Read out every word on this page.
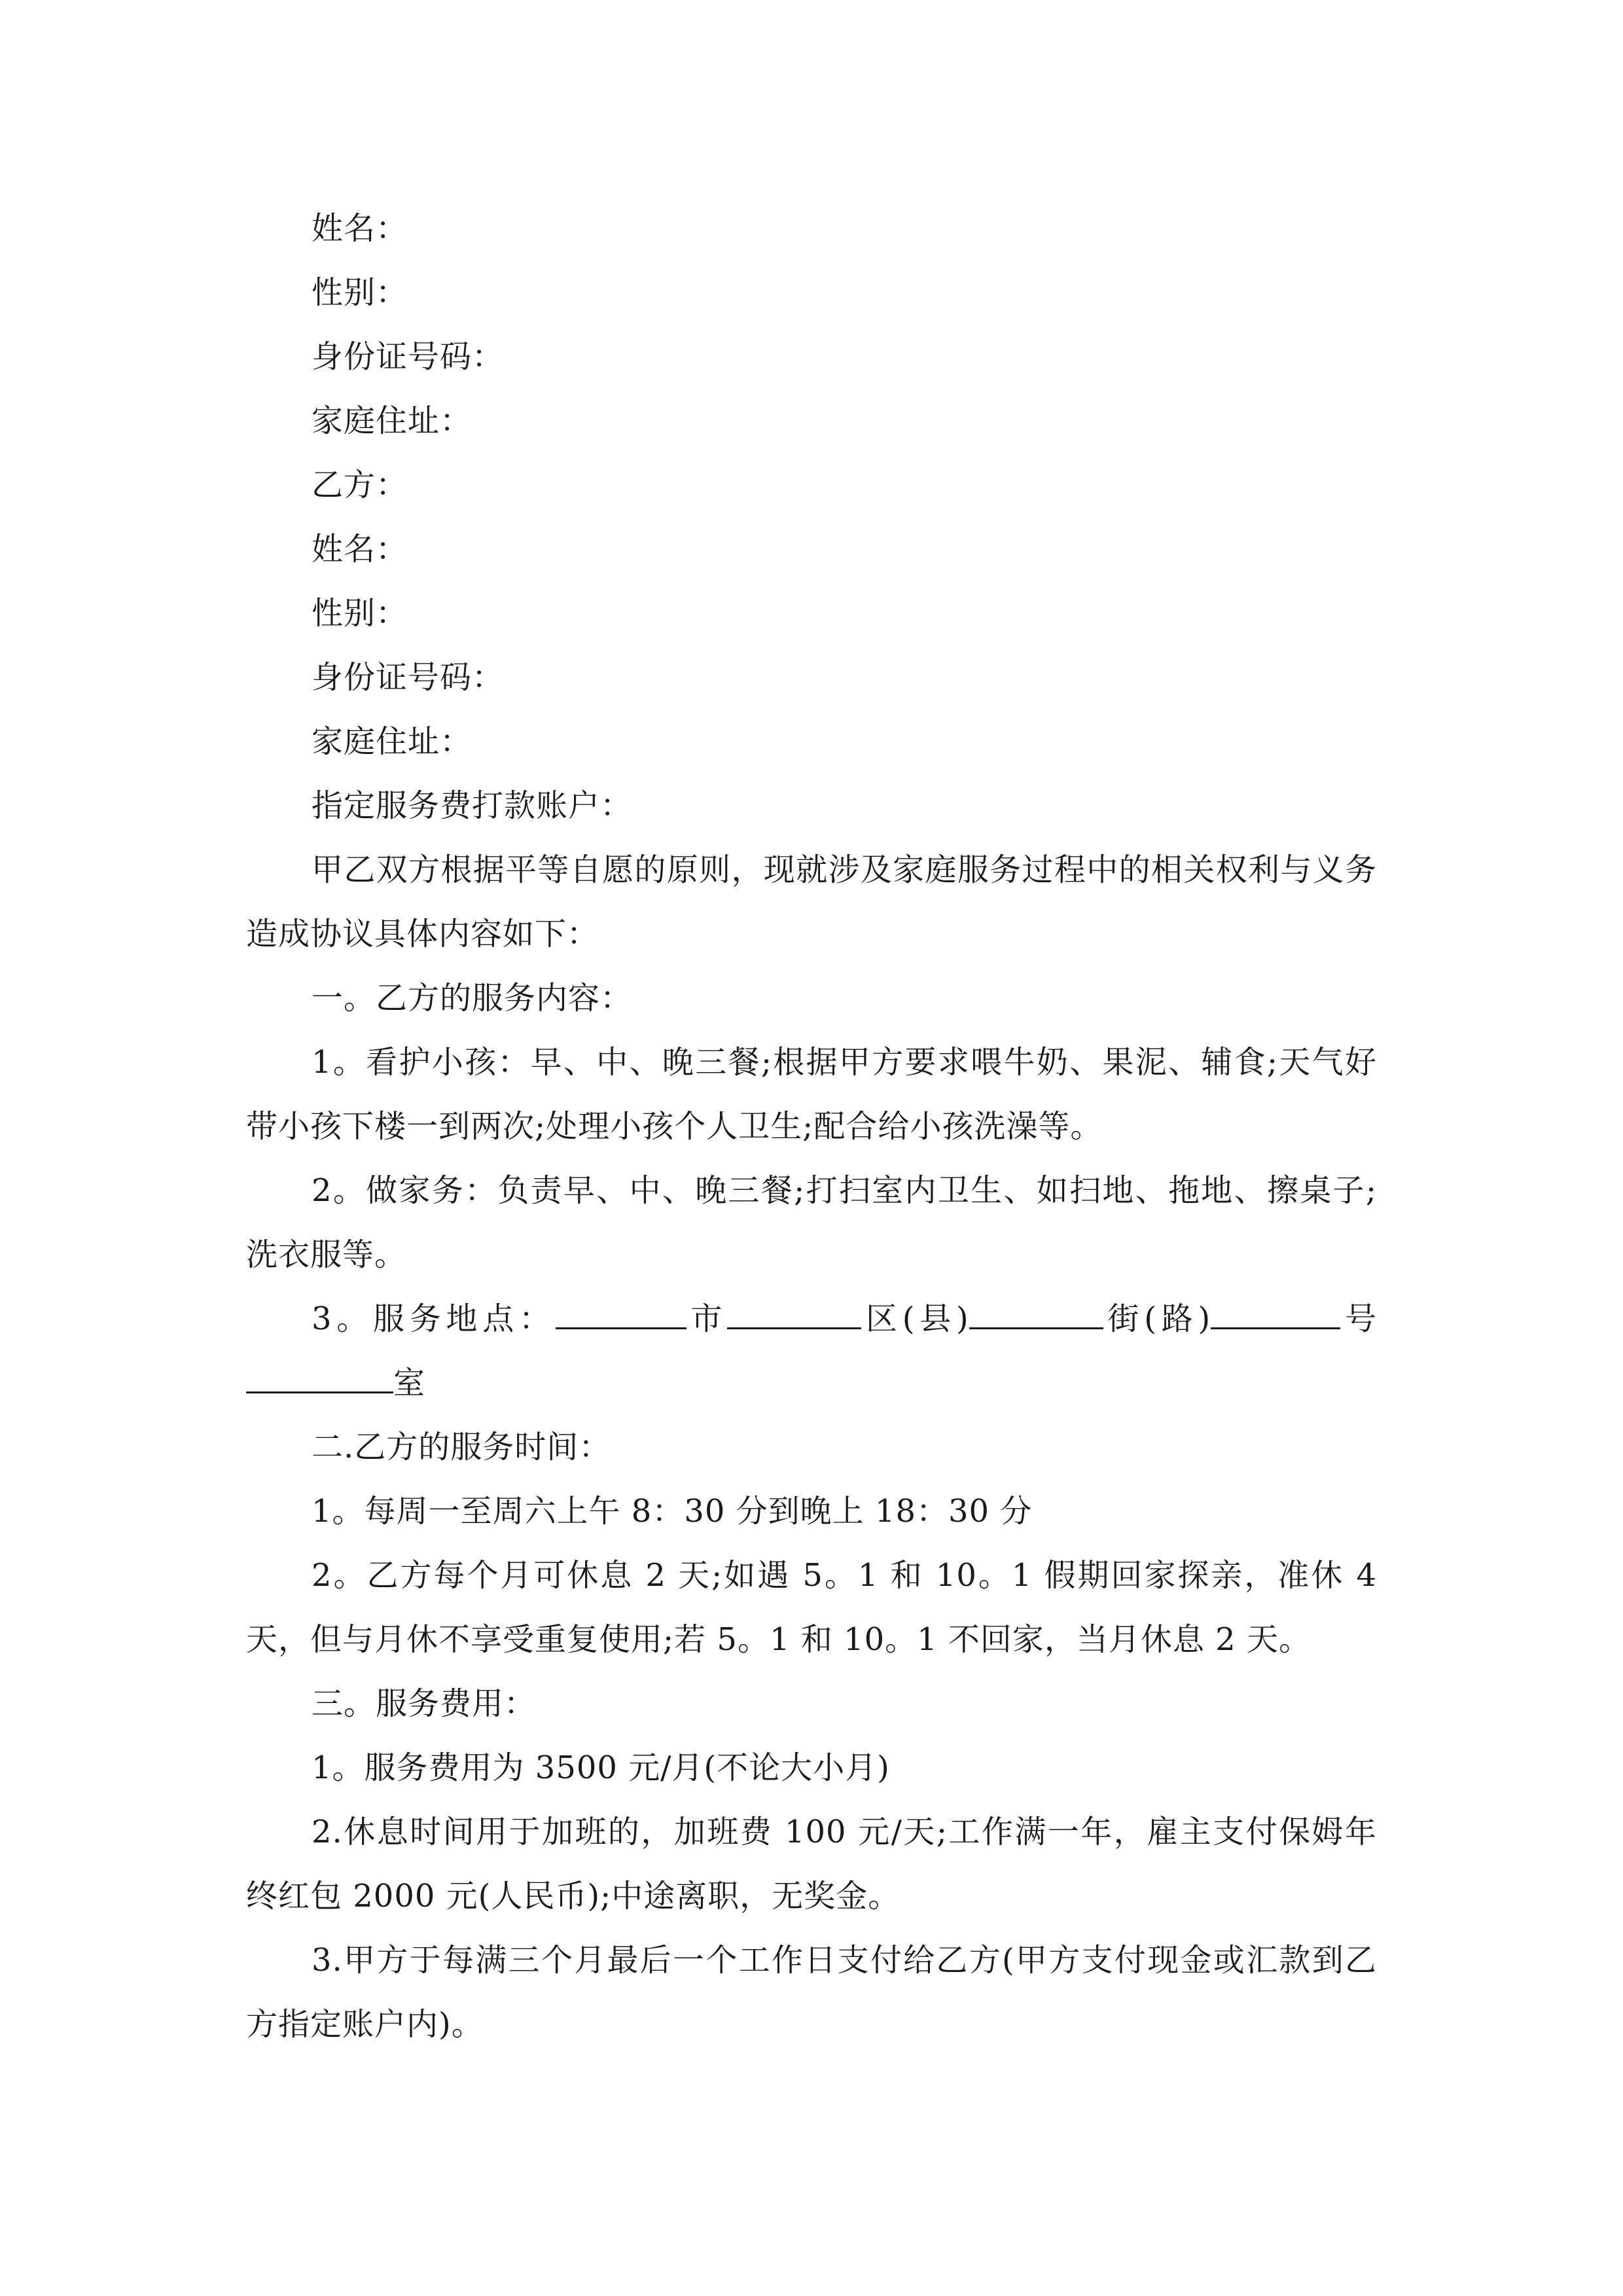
姓名：

性别：

身份证号码：

家庭住址：

乙方：

姓名：

性别：

身份证号码：

家庭住址：

指定服务费打款账户：

甲乙双方根据平等自愿的原则，现就涉及家庭服务过程中的相关权利与义务造成协议具体内容如下：

一。乙方的服务内容：

1。看护小孩：早、中、晚三餐;根据甲方要求喂牛奶、果泥、辅食;天气好带小孩下楼一到两次;处理小孩个人卫生;配合给小孩洗澡等。

2。做家务：负责早、中、晚三餐;打扫室内卫生、如扫地、拖地、擦桌子;洗衣服等。

3。服务地点：	市	区(县)	街(路)	号室

二.乙方的服务时间：

1。每周一至周六上午 8：30 分到晚上 18：30 分

2。乙方每个月可休息 2 天;如遇 5。1 和 10。1 假期回家探亲，准休 4 天，但与月休不享受重复使用;若 5。1 和 10。1 不回家，当月休息 2 天。

三。服务费用：

1。服务费用为 3500 元/月(不论大小月)

2.休息时间用于加班的，加班费 100 元/天;工作满一年，雇主支付保姆年终红包 2000 元(人民币);中途离职，无奖金。

3.甲方于每满三个月最后一个工作日支付给乙方(甲方支付现金或汇款到乙方指定账户内)。
